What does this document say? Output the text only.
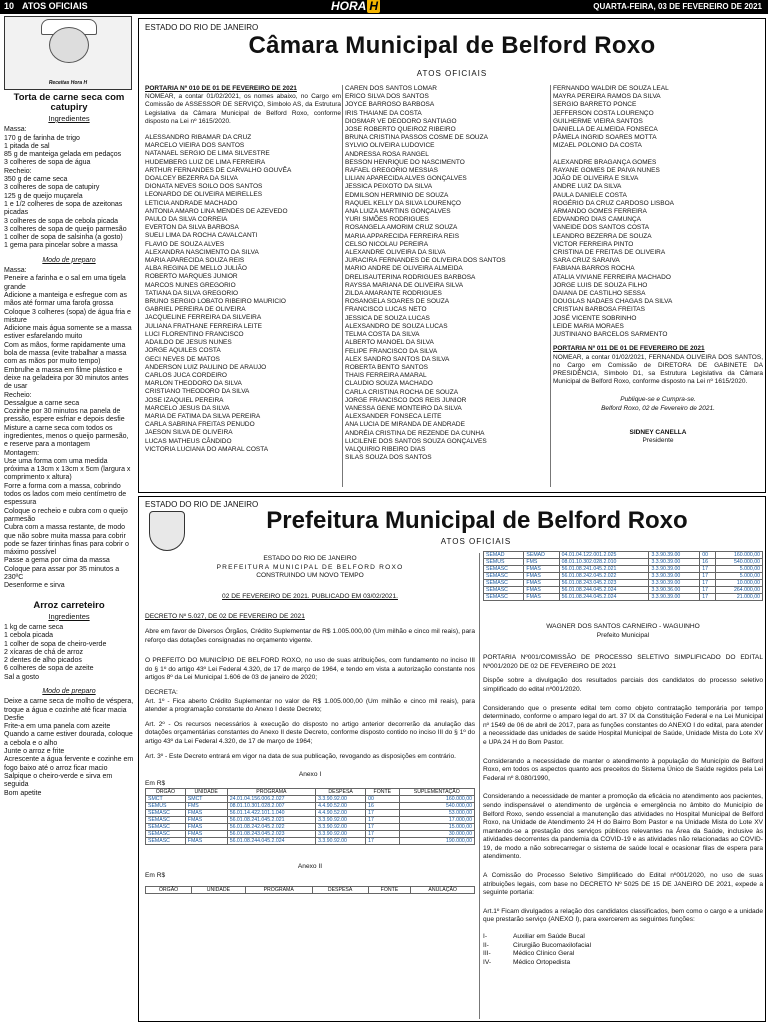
10 ATOS OFICIAIS	HORA H	QUARTA-FEIRA, 03 DE FEVEREIRO DE 2021
Receitas Hora H
Torta de carne seca com catupiry
Ingredientes

Massa:
170 g de farinha de trigo
1 pitada de sal
85 g de manteiga gelada em pedaços
3 colheres de sopa de água
Recheio:
350 g de carne seca
3 colheres de sopa de catupiry
125 g de queijo muçarela
1 e 1/2 colheres de sopa de azeitonas picadas
3 colheres de sopa de cebola picada
3 colheres de sopa de queijo parmesão
1 colher de sopa de salsinha (a gosto)
1 gema para pincelar sobre a massa

Modo de preparo

Massa:
Peneire a farinha e o sal em uma tigela grande
Adicione a manteiga e esfregue com as mãos até formar uma farofa grossa
Coloque 3 colheres (sopa) de água fria e misture
Adicione mais água somente se a massa estiver esfarelando muito
Com as mãos, forme rapidamente uma bola de massa (evite trabalhar a massa com as mãos por muito tempo)
Embrulhe a massa em filme plástico e deixe na geladeira por 30 minutos antes de usar
Recheio:
Dessalgue a carne seca
Cozinhe por 30 minutos na panela de pressão, espere esfriar e depois desfie
Misture a carne seca com todos os ingredientes, menos o queijo parmesão, e reserve para a montagem
Montagem:
Use uma forma com uma medida próxima a 13cm x 13cm x 5cm (largura x comprimento x altura)
Forre a forma com a massa, cobrindo todos os lados com meio centímetro de espessura
Coloque o recheio e cubra com o queijo parmesão
Cubra com a massa restante, de modo que não sobre muita massa para cobrir pode se fazer tirinhas finas para cobrir o máximo possível
Passe a gema por cima da massa
Coloque para assar por 35 minutos a 230ºC
Desenforme e sirva

Arroz carreteiro
Ingredientes

1 kg de carne seca
1 cebola picada
1 colher de sopa de cheiro-verde
2 xícaras de chá de arroz
2 dentes de alho picados
6 colheres de sopa de azeite
Sal a gosto

Modo de preparo

Deixe a carne seca de molho de véspera, troque a água e cozinhe até ficar macia
Desfie
Frite-a em uma panela com azeite
Quando a carne estiver dourada, coloque a cebola e o alho
Junte o arroz e frite
Acrescente a água fervente e cozinhe em fogo baixo até o arroz ficar macio
Salpique o cheiro-verde e sirva em seguida
Bom apetite

ESTADO DO RIO DE JANEIRO
Câmara Municipal de Belford Roxo
ATOS OFICIAIS
PORTARIA Nº 010 DE 01 DE FEVEREIRO DE 2021
NOMEAR, a contar 01/02/2021, os nomes abaixo, no Cargo em Comissão de ASSESSOR DE SERVIÇO, Símbolo AS, da Estrutura Legislativa da Câmara Municipal de Belford Roxo, conforme disposto na Lei nº 1615/2020.
ALESSANDRO RIBAMAR DA CRUZ
MARCELO VIEIRA DOS SANTOS
NATANAEL SERGIO DE LIMA SILVESTRE
HUDEMBERG LUIZ DE LIMA FERREIRA
ARTHUR FERNANDES DE CARVALHO GOUVÊA
DOALCEY BEZERRA DA SILVA
DIONATA NEVES SOILO DOS SANTOS
LEONARDO DE OLIVEIRA MEIRELLES
LETICIA ANDRADE MACHADO
ANTONIA AMARO LINA MENDES DE AZEVEDO
PAULO DA SILVA CORREIA
EVERTON DA SILVA BARBOSA
SUELI LIMA DA ROCHA CAVALCANTI
FLAVIO DE SOUZA ALVES
ALEXANDRA NASCIMENTO DA SILVA
MARIA APARECIDA SOUZA REIS
ALBA REGINA DE MELLO JULIÃO
ROBERTO MARQUES JUNIOR
MARCOS NUNES GREGORIO
TATIANA DA SILVA GREGORIO
BRUNO SERGIO LOBATO RIBEIRO MAURICIO
GABRIEL PEREIRA DE OLIVEIRA
JACQUELINE FERREIRA DA SILVEIRA
JULIANA FRATHANE FERREIRA LEITE
LUCI FLORENTINO FRANCISCO
ADAILDO DE JESUS NUNES
JORGE AQUILES COSTA
GECI NEVES DE MATOS
ANDERSON LUIZ PAULINO DE ARAUJO
CARLOS JUCA CORDEIRO
MARLON THEODORO DA SILVA
CRISTIANO THEODORO DA SILVA
JOSE IZAQUIEL PEREIRA
MARCELO JESUS DA SILVA
MARIA DE FATIMA DA SILVA PEREIRA
CARLA SABRINA FREITAS PENUDO
JAESON SILVA DE OLIVEIRA
LUCAS MATHEUS CÂNDIDO
VICTORIA LUCIANA DO AMARAL COSTA
CAREN DOS SANTOS LOMAR
ERICO SILVA DOS SANTOS
JOYCE BARROSO BARBOSA
IRIS THAIANE DA COSTA
DIOSMAR VE DEODORO SANTIAGO
JOSE ROBERTO QUEIROZ RIBEIRO
BRUNA CRISTINA PASSOS COSME DE SOUZA
SYLVIO OLIVEIRA LUDOVICE
ANDRESSA ROSA RANGEL
BESSON HENRIQUE DO NASCIMENTO
RAFAEL GREGORIO MESSIAS
LILIAN APARECIDA ALVES GONÇALVES
JESSICA PEIXOTO DA SILVA
EDMILSON HERMINIO DE SOUZA
RAQUEL KELLY DA SILVA LOURENÇO
ANA LUIZA MARTINS GONÇALVES
YURI SIMÕES RODRIGUES
ROSANGELA AMORIM CRUZ SOUZA
MARIA APPARECIDA FERREIRA REIS
CELSO NICOLAU PEREIRA
ALEXANDRE OLIVEIRA DA SILVA
JURACIRA FERNANDES DE OLIVEIRA DOS SANTOS
MARIO ANDRE DE OLIVEIRA ALMEIDA
DRELISAUTERINA RODRIGUES BARBOSA
RAYSSA MARIANA DE OLIVEIRA SILVA
ZILDA AMARANTE RODRIGUES
ROSANGELA SOARES DE SOUZA
FRANCISCO LUCAS NETO
JESSICA DE SOUZA LUCAS
ALEXSANDRO DE SOUZA LUCAS
TELMA COSTA DA SILVA
ALBERTO MANOEL DA SILVA
FELIPE FRANCISCO DA SILVA
ALEX SANDRO SANTOS DA SILVA
ROBERTA BENTO SANTOS
THAIS FERREIRA AMARAL
CLAUDIO SOUZA MACHADO
CARLA CRISTINA ROCHA DE SOUZA
JORGE FRANCISCO DOS REIS JUNIOR
VANESSA GENE MONTEIRO DA SILVA
ALEXSANDER FONSECA LEITE
ANA LUCIA DE MIRANDA DE ANDRADE
ANDRÉIA CRISTINA DE REZENDE DA CUNHA
LUCILENE DOS SANTOS SOUZA GONÇALVES
VALQUIRIO RIBEIRO DIAS
SILAS SOUZA DOS SANTOS
FERNANDO WALDIR DE SOUZA LEAL
MAYRA PEREIRA RAMOS DA SILVA
SERGIO BARRETO PONCE
JEFFERSON COSTA LOURENÇO
GUILHERME VIEIRA SANTOS
DANIELLA DE ALMEIDA FONSECA
PÂMELA INGRID SOARES MOTTA
MIZAEL POLONIO DA COSTA

ALEXANDRE BRAGANÇA GOMES
RAYANE GOMES DE PAIVA NUNES
JOÃO DE OLIVEIRA E SILVA
ANDRE LUIZ DA SILVA
PAULA DANIELE COSTA
ROGÉRIO DA CRUZ CARDOSO LISBOA
ARMANDO GOMES FERREIRA
EDVANDRO DIAS CAMUNÇA
VANEIDE DOS SANTOS COSTA
LEANDRO BEZERRA DE SOUZA
VICTOR FERREIRA PINTO
CRISTINA DE FREITAS DE OLIVEIRA
SARA CRUZ SARAIVA
FABIANA BARROS ROCHA
ATALIA VIVIANE FERREIRA MACHADO
JORGE LUIS DE SOUZA FILHO
DAIANA DE CASTILHO SESSA
DOUGLAS NADAES CHAGAS DA SILVA
CRISTIAN BARBOSA FREITAS
JOSÉ VICENTE SOBRINHO
LEIDE MARIA MORAES
JUSTINIANO BARCELOS SARMENTO
PORTARIA Nº 011 DE 01 DE FEVEREIRO DE 2021
NOMEAR, a contar 01/02/2021, FERNANDA OLIVEIRA DOS SANTOS, no Cargo em Comissão de DIRETORA DE GABINETE DA PRESIDÊNCIA, Símbolo D1, sa Estrutura Legislativa da Câmara Municipal de Belford Roxo, conforme disposto na Lei nº 1615/2020.
Publique-se e Cumpra-se.
Belford Roxo, 02 de Fevereiro de 2021.
SIDNEY CANELLA
Presidente
ESTADO DO RIO DE JANEIRO
Prefeitura Municipal de Belford Roxo
ATOS OFICIAIS
ESTADO DO RIO DE JANEIRO
PREFEITURA MUNICIPAL DE BELFORD ROXO
CONSTRUINDO UM NOVO TEMPO
02 DE FEVEREIRO DE 2021. PUBLICADO EM 03/02/2021.
DECRETO Nº 5.027, DE 02 DE FEVEREIRO DE 2021
Abre em favor de Diversos Órgãos, Crédito Suplementar de R$ 1.005.000,00 (Um milhão e cinco mil reais), para reforço das dotações consignadas no orçamento vigente.
O PREFEITO DO MUNICÍPIO DE BELFORD ROXO, no uso de suas atribuições, com fundamento no inciso III do § 1º do artigo 43º Lei Federal 4.320, de 17 de março de 1964, e tendo em vista a autorização constante nos artigos 8º da Lei Municipal 1.606 de 03 de janeiro de 2020;
DECRETA:
Art. 1º - Fica aberto Crédito Suplementar no valor de R$ 1.005.000,00 (Um milhão e cinco mil reais), para atender a programação constante do Anexo I deste Decreto;
Art. 2º - Os recursos necessários à execução do disposto no artigo anterior decorrerão da anulação das dotações orçamentárias constantes do Anexo II deste Decreto, conforme disposto contido no inciso III do § 1º do artigo 43º da Lei Federal 4.320, de 17 de março de 1964;
Art. 3º - Este Decreto entrará em vigor na data de sua publicação, revogando as disposições em contrário.
Anexo I
Em R$
ÓRGÃO	UNIDADE	PROGRAMA	DESPESA	FONTE	SUPLEMENTAÇÃO
SMCT	SMCT	24.01.04.156.006.2.027	3.3.90.92.00	00	160.000,00
SEMUS	FMS	08.01.10.301.028.2.007	4.4.90.52.00	16	540.000,00
SEMASC	FMAS	56.01.14.422.101.1.040	4.4.90.52.00	17	53.000,00
SEMASC	FMAS	56.01.08.241.045.2.021	3.3.90.92.00	17	17.000,00
SEMASC	FMAS	56.01.08.242.045.2.022	3.3.90.92.00	17	15.000,00
SEMASC	FMAS	56.01.08.243.045.2.023	3.3.90.92.00	17	30.000,00
SEMASC	FMAS	56.01.08.244.045.2.024	3.3.90.92.00	17	190.000,00
Anexo II
Em R$
ÓRGÃO	UNIDADE	PROGRAMA	DESPESA	FONTE	ANULAÇÃO
SEMAD	SEMAD	04.01.04.122.001.2.025	3.3.90.39.00	00	160.000,00
SEMUS	FMS	08.01.10.302.028.2.010	3.3.90.39.00	16	540.000,00
SEMASC	FMAS	56.01.08.241.045.2.021	3.3.90.39.00	17	5.000,00
SEMASC	FMAS	56.01.08.242.045.2.022	3.3.90.39.00	17	5.000,00
SEMASC	FMAS	56.01.08.243.045.2.023	3.3.90.39.00	17	10.000,00
SEMASC	FMAS	56.01.08.244.045.2.024	3.3.90.36.00	17	264.000,00
SEMASC	FMAS	56.01.08.244.045.2.024	3.3.90.39.00	17	21.000,00
WAGNER DOS SANTOS CARNEIRO - WAGUINHO
Prefeito Municipal
PORTARIA Nº001/COMISSÃO DE PROCESSO SELETIVO SIMPLIFICADO DO EDITAL Nº001/2020 DE 02 DE FEVEREIRO DE 2021
Dispõe sobre a divulgação dos resultados parciais dos candidatos do processo seletivo simplificado do edital nº001/2020.
Considerando que o presente edital tem como objeto contratação temporária por tempo determinado, conforme o amparo legal do art. 37 IX da Constituição Federal e na Lei Municipal nº 1549 de 06 de abril de 2017, para as funções constantes do ANEXO I do edital, para atender a necessidade das unidades de saúde Hospital Municipal de Saúde, Unidade Mista do Lote XV e UPA 24 H do Bom Pastor.
Considerando a necessidade de manter o atendimento à população do Município de Belford Roxo, em todos os aspectos quanto aos preceitos do Sistema Único de Saúde regidos pela Lei Federal nº 8.080/1990,
Considerando a necessidade de manter a promoção da eficácia no atendimento aos pacientes, sendo indispensável o atendimento de urgência e emergência no âmbito do Município de Belford Roxo, sendo essencial a manutenção das atividades no Hospital Municipal de Belford Roxo, na Unidade de Atendimento 24 H do Bairro Bom Pastor e na Unidade Mista do Lote XV mantendo-se a prestação dos serviços públicos relevantes na Área da Saúde, inclusive às atividades decorrentes da pandemia da COVID-19 e as atividades não relacionadas ao COVID-19, de modo a não sobrecarregar o sistema de saúde local e ocasionar filas de espera para atendimento.
A Comissão do Processo Seletivo Simplificado do Edital nº001/2020, no uso de suas atribuições legais, com base no DECRETO Nº 5025 DE 15 DE JANEIRO DE 2021, expede a seguinte portaria:
Art.1º Ficam divulgados a relação dos candidatos classificados, bem como o cargo e a unidade que prestarão serviço (ANEXO I), para exercerem as seguintes funções:
I-	Auxiliar em Saúde Bucal
II-	Cirurgião Bucomaxilofacial
III-	Médico Clínico Geral
IV-	Médico Ortopedista
